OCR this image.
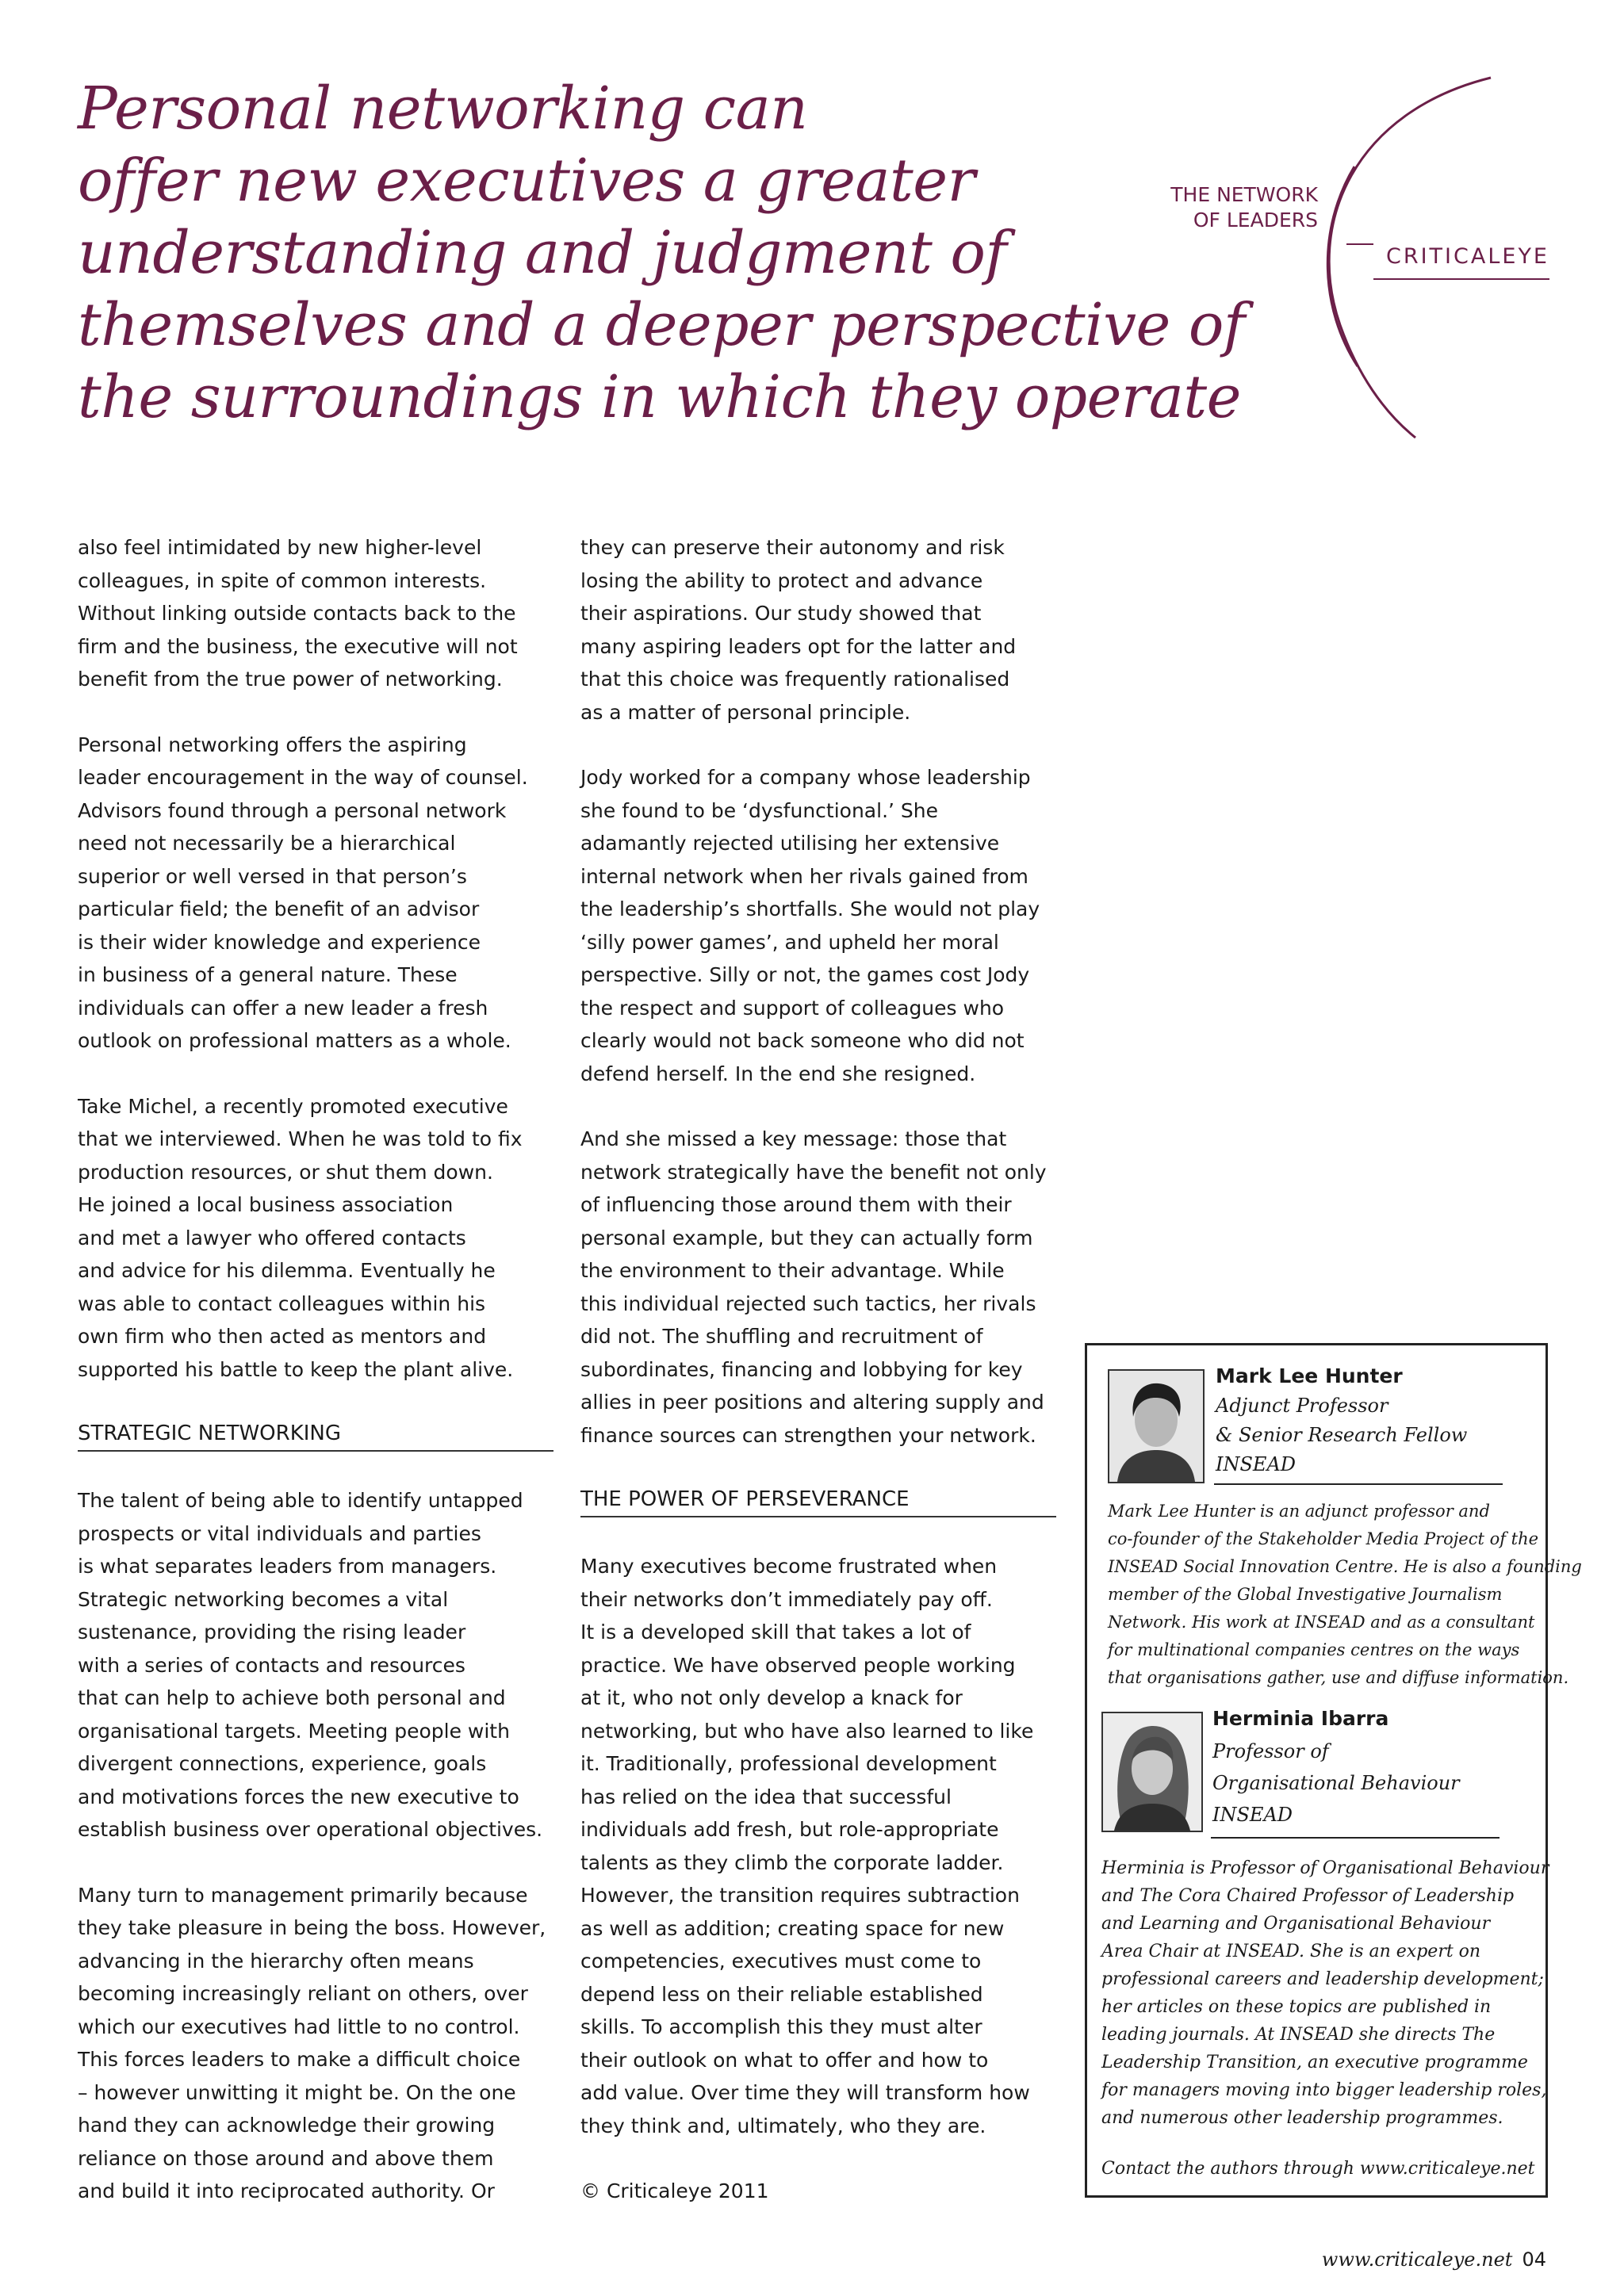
Personal networking can
offer new executives a greater
understanding and judgment of
themselves and a deeper perspective of
the surroundings in which they operate
THE NETWORK
OF LEADERS
CRITICALEYE

also feel intimidated by new higher-level
colleagues, in spite of common interests.
Without linking outside contacts back to the
firm and the business, the executive will not
benefit from the true power of networking.

Personal networking offers the aspiring
leader encouragement in the way of counsel.
Advisors found through a personal network
need not necessarily be a hierarchical
superior or well versed in that person’s
particular field; the benefit of an advisor
is their wider knowledge and experience
in business of a general nature. These
individuals can offer a new leader a fresh
outlook on professional matters as a whole.

Take Michel, a recently promoted executive
that we interviewed. When he was told to fix
production resources, or shut them down.
He joined a local business association
and met a lawyer who offered contacts
and advice for his dilemma. Eventually he
was able to contact colleagues within his
own firm who then acted as mentors and
supported his battle to keep the plant alive.

STRATEGIC NETWORKING

The talent of being able to identify untapped
prospects or vital individuals and parties
is what separates leaders from managers.
Strategic networking becomes a vital
sustenance, providing the rising leader
with a series of contacts and resources
that can help to achieve both personal and
organisational targets. Meeting people with
divergent connections, experience, goals
and motivations forces the new executive to
establish business over operational objectives.

Many turn to management primarily because
they take pleasure in being the boss. However,
advancing in the hierarchy often means
becoming increasingly reliant on others, over
which our executives had little to no control.
This forces leaders to make a difficult choice
– however unwitting it might be. On the one
hand they can acknowledge their growing
reliance on those around and above them
and build it into reciprocated authority. Or

they can preserve their autonomy and risk
losing the ability to protect and advance
their aspirations. Our study showed that
many aspiring leaders opt for the latter and
that this choice was frequently rationalised
as a matter of personal principle.

Jody worked for a company whose leadership
she found to be ‘dysfunctional.’ She
adamantly rejected utilising her extensive
internal network when her rivals gained from
the leadership’s shortfalls. She would not play
‘silly power games’, and upheld her moral
perspective. Silly or not, the games cost Jody
the respect and support of colleagues who
clearly would not back someone who did not
defend herself. In the end she resigned.

And she missed a key message: those that
network strategically have the benefit not only
of influencing those around them with their
personal example, but they can actually form
the environment to their advantage. While
this individual rejected such tactics, her rivals
did not. The shuffling and recruitment of
subordinates, financing and lobbying for key
allies in peer positions and altering supply and
finance sources can strengthen your network.

THE POWER OF PERSEVERANCE

Many executives become frustrated when
their networks don’t immediately pay off.
It is a developed skill that takes a lot of
practice. We have observed people working
at it, who not only develop a knack for
networking, but who have also learned to like
it. Traditionally, professional development
has relied on the idea that successful
individuals add fresh, but role-appropriate
talents as they climb the corporate ladder.
However, the transition requires subtraction
as well as addition; creating space for new
competencies, executives must come to
depend less on their reliable established
skills. To accomplish this they must alter
their outlook on what to offer and how to
add value. Over time they will transform how
they think and, ultimately, who they are.

© Criticaleye 2011

Mark Lee Hunter
Adjunct Professor
& Senior Research Fellow
INSEAD
Mark Lee Hunter is an adjunct professor and
co-founder of the Stakeholder Media Project of the
INSEAD Social Innovation Centre. He is also a founding
member of the Global Investigative Journalism
Network. His work at INSEAD and as a consultant
for multinational companies centres on the ways
that organisations gather, use and diffuse information.
Herminia Ibarra
Professor of
Organisational Behaviour
INSEAD
Herminia is Professor of Organisational Behaviour
and The Cora Chaired Professor of Leadership
and Learning and Organisational Behaviour
Area Chair at INSEAD. She is an expert on
professional careers and leadership development;
her articles on these topics are published in
leading journals. At INSEAD she directs The
Leadership Transition, an executive programme
for managers moving into bigger leadership roles,
and numerous other leadership programmes.
Contact the authors through www.criticaleye.net
www.criticaleye.net 04
